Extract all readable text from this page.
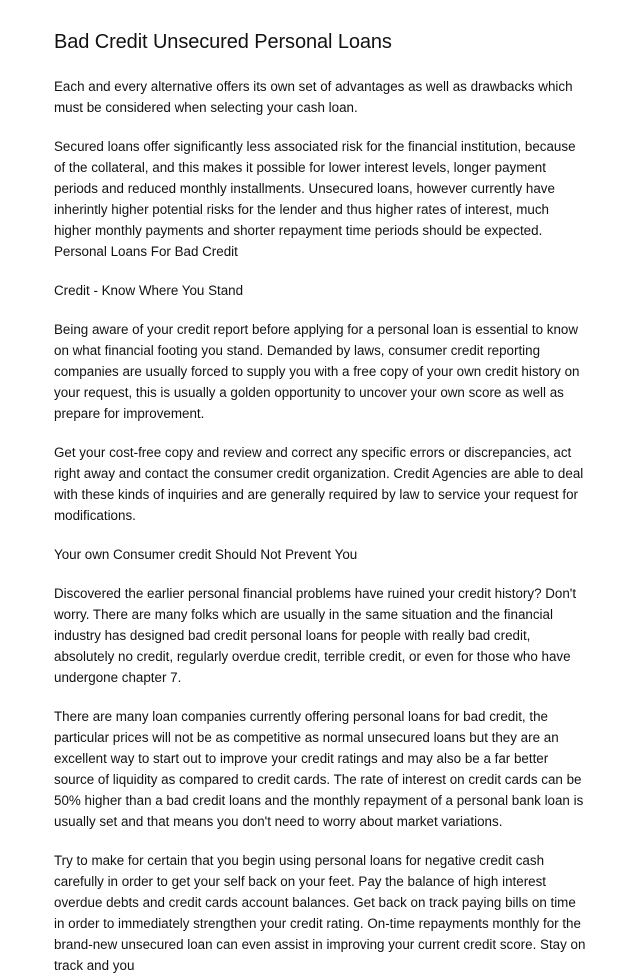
Bad Credit Unsecured Personal Loans

Each and every alternative offers its own set of advantages as well as drawbacks which must be considered when selecting your cash loan.

Secured loans offer significantly less associated risk for the financial institution, because of the collateral, and this makes it possible for lower interest levels, longer payment periods and reduced monthly installments. Unsecured loans, however currently have inherintly higher potential risks for the lender and thus higher rates of interest, much higher monthly payments and shorter repayment time periods should be expected. Personal Loans For Bad Credit

Credit - Know Where You Stand

Being aware of your credit report before applying for a personal loan is essential to know on what financial footing you stand. Demanded by laws, consumer credit reporting companies are usually forced to supply you with a free copy of your own credit history on your request, this is usually a golden opportunity to uncover your own score as well as prepare for improvement.

Get your cost-free copy and review and correct any specific errors or discrepancies, act right away and contact the consumer credit organization. Credit Agencies are able to deal with these kinds of inquiries and are generally required by law to service your request for modifications.

Your own Consumer credit Should Not Prevent You

Discovered the earlier personal financial problems have ruined your credit history? Don't worry. There are many folks which are usually in the same situation and the financial industry has designed bad credit personal loans for people with really bad credit, absolutely no credit, regularly overdue credit, terrible credit, or even for those who have undergone chapter 7.

There are many loan companies currently offering personal loans for bad credit, the particular prices will not be as competitive as normal unsecured loans but they are an excellent way to start out to improve your credit ratings and may also be a far better source of liquidity as compared to credit cards. The rate of interest on credit cards can be 50% higher than a bad credit loans and the monthly repayment of a personal bank loan is usually set and that means you don't need to worry about market variations.

Try to make for certain that you begin using personal loans for negative credit cash carefully in order to get your self back on your feet. Pay the balance of high interest overdue debts and credit cards account balances. Get back on track paying bills on time in order to immediately strengthen your credit rating. On-time repayments monthly for the brand-new unsecured loan can even assist in improving your current credit score. Stay on track and you
